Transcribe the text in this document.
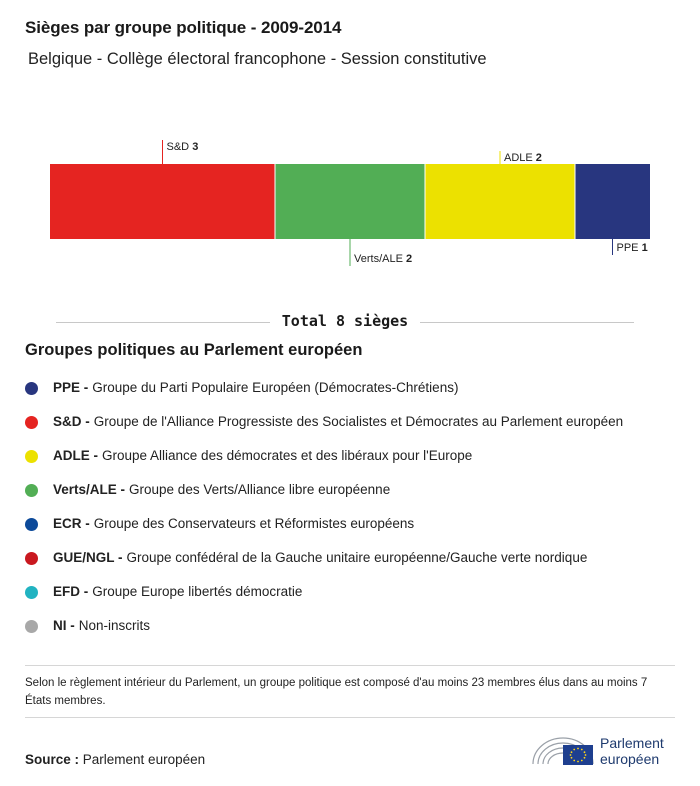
Sièges par groupe politique - 2009-2014
Belgique - Collège électoral francophone - Session constitutive
S&D 3
Verts/ALE 2
ADLE 2
PPE 1
Total 8 sièges
Groupes politiques au Parlement européen
PPE - Groupe du Parti Populaire Européen (Démocrates-Chrétiens)
S&D - Groupe de l'Alliance Progressiste des Socialistes et Démocrates au Parlement européen
ADLE - Groupe Alliance des démocrates et des libéraux pour l'Europe
Verts/ALE - Groupe des Verts/Alliance libre européenne
ECR - Groupe des Conservateurs et Réformistes européens
GUE/NGL - Groupe confédéral de la Gauche unitaire européenne/Gauche verte nordique
EFD - Groupe Europe libertés démocratie
NI - Non-inscrits
Selon le règlement intérieur du Parlement, un groupe politique est composé d'au moins 23 membres élus dans au moins 7 États membres.
Source : Parlement européen
Parlement
européen
